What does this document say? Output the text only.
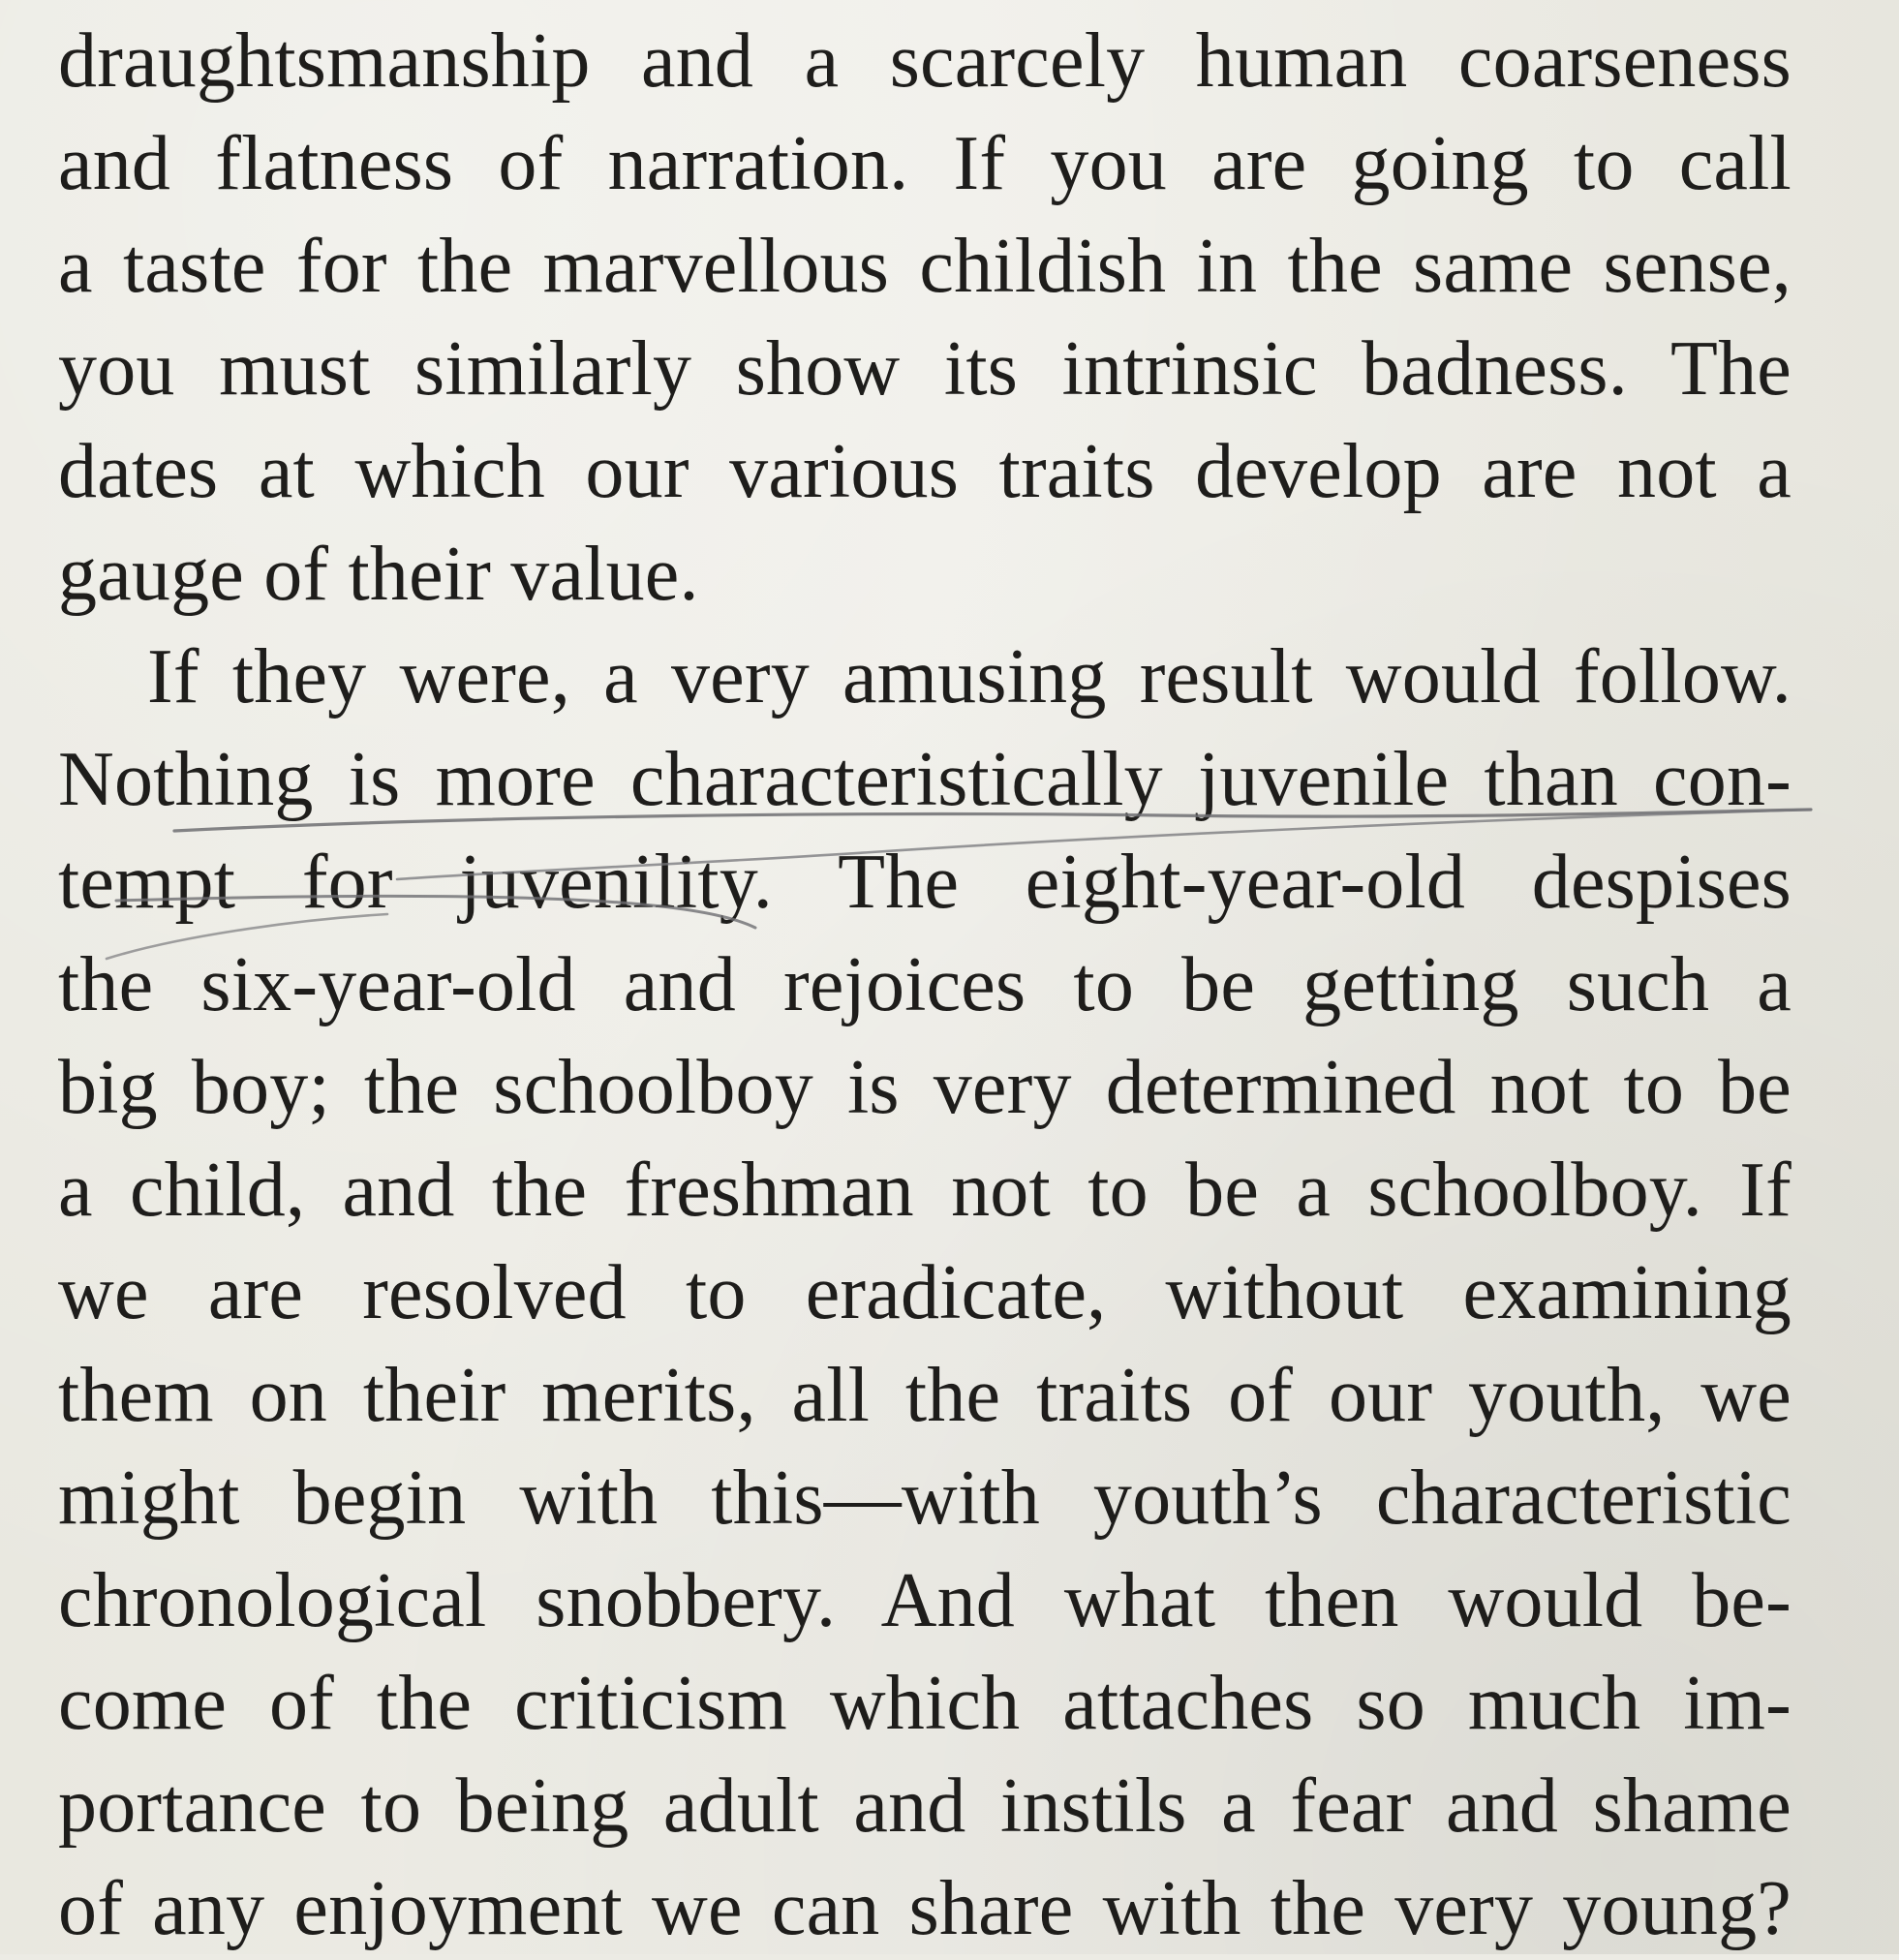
draughtsmanship and a scarcely human coarseness
and flatness of narration. If you are going to call
a taste for the marvellous childish in the same sense,
you must similarly show its intrinsic badness. The
dates at which our various traits develop are not a
gauge of their value.
If they were, a very amusing result would follow.
Nothing is more characteristically juvenile than con-
tempt for juvenility. The eight-year-old despises
the six-year-old and rejoices to be getting such a
big boy; the schoolboy is very determined not to be
a child, and the freshman not to be a schoolboy. If
we are resolved to eradicate, without examining
them on their merits, all the traits of our youth, we
might begin with this—with youth’s characteristic
chronological snobbery. And what then would be-
come of the criticism which attaches so much im-
portance to being adult and instils a fear and shame
of any enjoyment we can share with the very young?
